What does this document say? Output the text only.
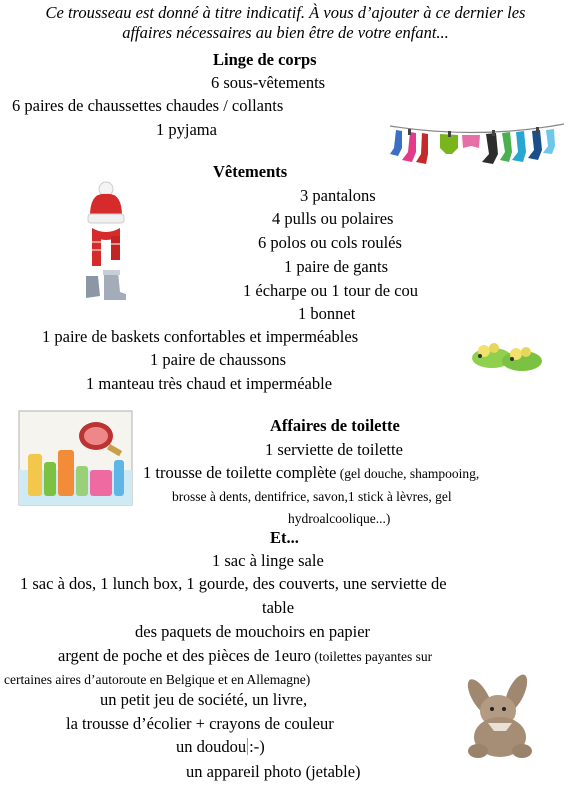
Ce trousseau est donné à titre indicatif. À vous d’ajouter à ce dernier les
affaires nécessaires au bien être de votre enfant...
Linge de corps
6 sous-vêtements
6 paires de chaussettes chaudes / collants
1 pyjama
Vêtements
3 pantalons
4 pulls ou polaires
6 polos ou cols roulés
1 paire de gants
1 écharpe ou 1 tour de cou
1 bonnet
1 paire de baskets confortables et imperméables
1 paire de chaussons
1 manteau très chaud et imperméable
Affaires de toilette
1 serviette de toilette
1 trousse de toilette complète (gel douche, shampooing,
brosse à dents, dentifrice, savon,1 stick à lèvres, gel
hydroalcoolique...)
Et...
1 sac à linge sale
1 sac à dos, 1 lunch box, 1 gourde, des couverts, une serviette de
table
des paquets de mouchoirs en papier
argent de poche et des pièces de 1euro (toilettes payantes sur
certaines aires d’autoroute en Belgique et en Allemagne)
un petit jeu de société, un livre,
la trousse d’écolier + crayons de couleur
un doudou :-)
un appareil photo (jetable)
